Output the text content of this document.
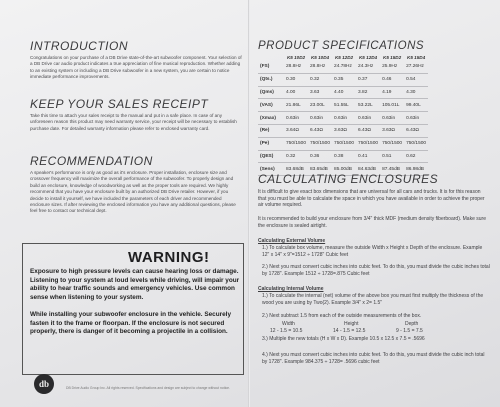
INTRODUCTION

Congratulations on your purchase of a DB Drive state-of-the-art subwoofer component. Your selection of a DB Drive car audio product indicates a true appreciation of fine musical reproduction. Whether adding to an existing system or including a DB Drive subwoofer in a new system, you are certain to notice immediate performance improvements.

KEEP YOUR SALES RECEIPT

Take this time to attach your sales receipt to the manual and put in a safe place. In case of any unforeseen reason this product may need warranty service, your receipt will be necessary to establish purchase date. For detailed warranty information please refer to enclosed warranty card.

RECOMMENDATION

A speaker's performance is only as good as it's enclosure. Proper installation, enclosure size and crossover frequency will maximize the overall performance of the subwoofer. To properly design and build an enclosure, knowledge of woodworking as well as the proper tools are required. We highly recommend that you have your enclosure built by an authorized DB Drive retailer. However, if you decide to install it yourself, we have included the parameters of each driver and recommended enclosure sizes. If after reviewing the enclosed information you have any additional questions, please feel free to contact our technical dept.

WARNING!

Exposure to high pressure levels can cause hearing loss or damage. Listening to your system at loud levels while driving, will impair your ability to hear traffic sounds and emergency vehicles. Use common sense when listening to your system.

While installing your subwoofer enclosure in the vehicle. Securely fasten it to the frame or floorpan. If the enclosure is not secured properly, there is danger of it becoming a projectile in a collision.

db	DB Drive Audio Group Inc. All rights reserved. Specifications and design are subject to change without notice.
PRODUCT SPECIFICATIONS
	K5 10D2	K5 10D4	K5 12D2	K5 12D4	K5 15D2	K5 15D4
(FS)	28.8Hz	28.8Hz	24.78Hz	24.3Hz	25.9Hz	27.26Hz
(Qts.)	0.30	0.32	0.35	0.37	0.46	0.54
(Qms)	4.00	3.63	4.40	3.82	4.19	4.30
(VAS)	21.86L	23.00L	51.55L	53.22L	105.01L	99.40L
(Xmax)	0.63in	0.63in	0.63in	0.63in	0.63in	0.63in
(Re)	3.64Ω	6.43Ω	3.63Ω	6.43Ω	3.63Ω	6.43Ω
(Pe)	750/1500	750/1500	750/1500	750/1500	750/1500	750/1500
(QES)	0.32	0.36	0.38	0.41	0.51	0.62
(Sens)	83.68dB	83.65dB	85.00dB	84.63dB	87.45dB	86.98dB
CALCULATING ENCLOSURES

It is difficult to give exact box dimensions that are universal for all cars and trucks. It is for this reason that you must be able to calculate the space in which you have available in order to achieve the proper air volume required.

It is recommended to build your enclosure from 3/4" thick MDF (medium density fiberboard). Make sure the enclosure is sealed airtight.

Calculating External Volume

1.) To calculate box volume, measure the outside Width x Height x Depth of the enclosure. Example 12" x 14" x 9"=1512 ÷ 1728" Cubic feet

2.) Next you must convert cubic inches into cubic feet. To do this, you must divide the cubic inches total by 1728". Example 1512 ÷ 1728=.875 Cubic feet

Calculating Internal Volume

1.) To calculate the internal (net) volume of the above box you must first multiply the thickness of the wood you are using by Two(2). Example 3/4" x 2= 1.5"

2.) Next subtract 1.5 from each of the outside measurements of the box.

Width	Height	Depth

12 - 1.5 = 10.5	14 - 1.5 = 12.5	9 - 1.5 = 7.5

3.) Multiple the new totals (H x W x D). Example 10.5 x 12.5 x 7.5 = .5696

4.) Next you must convert cubic inches into cubic feet. To do this, you must divide the cubic inch total by 1728". Example 984.375 ÷ 1728= .5696 cubic feet
